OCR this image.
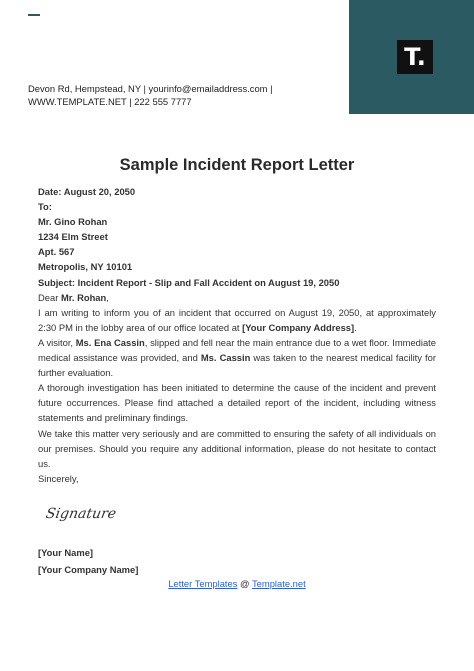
T.
Devon Rd, Hempstead, NY | yourinfo@emailaddress.com |
WWW.TEMPLATE.NET | 222 555 7777
Sample Incident Report Letter

Date: August 20, 2050

To:

Mr. Gino Rohan

1234 Elm Street

Apt. 567

Metropolis, NY 10101

Subject: Incident Report - Slip and Fall Accident on August 19, 2050

Dear Mr. Rohan,

I am writing to inform you of an incident that occurred on August 19, 2050, at approximately 2:30 PM in the lobby area of our office located at [Your Company Address].

A visitor, Ms. Ena Cassin, slipped and fell near the main entrance due to a wet floor. Immediate medical assistance was provided, and Ms. Cassin was taken to the nearest medical facility for further evaluation.

A thorough investigation has been initiated to determine the cause of the incident and prevent future occurrences. Please find attached a detailed report of the incident, including witness statements and preliminary findings.

We take this matter very seriously and are committed to ensuring the safety of all individuals on our premises. Should you require any additional information, please do not hesitate to contact us.

Sincerely,

Signature
[Your Name]
[Your Company Name]
Letter Templates @ Template.net
